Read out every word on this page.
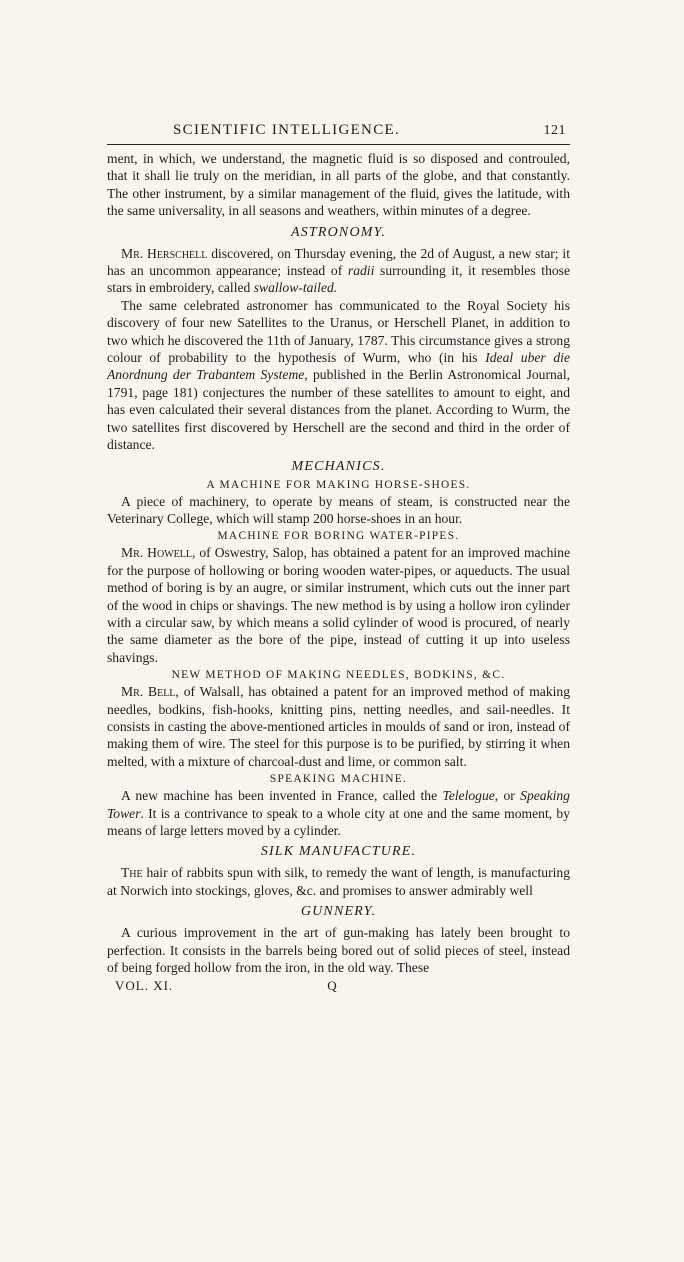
SCIENTIFIC INTELLIGENCE.	121

ment, in which, we understand, the magnetic fluid is so disposed and controuled, that it shall lie truly on the meridian, in all parts of the globe, and that constantly. The other instrument, by a similar management of the fluid, gives the latitude, with the same universality, in all seasons and weathers, within minutes of a degree.

ASTRONOMY.

Mr. Herschell discovered, on Thursday evening, the 2d of August, a new star; it has an uncommon appearance; instead of radii surrounding it, it resembles those stars in embroidery, called swallow-tailed.

The same celebrated astronomer has communicated to the Royal Society his discovery of four new Satellites to the Uranus, or Herschell Planet, in addition to two which he discovered the 11th of January, 1787. This circumstance gives a strong colour of probability to the hypothesis of Wurm, who (in his Ideal uber die Anordnung der Trabantem Systeme, published in the Berlin Astronomical Journal, 1791, page 181) conjectures the number of these satellites to amount to eight, and has even calculated their several distances from the planet. According to Wurm, the two satellites first discovered by Herschell are the second and third in the order of distance.

MECHANICS.
A MACHINE FOR MAKING HORSE-SHOES.

A piece of machinery, to operate by means of steam, is constructed near the Veterinary College, which will stamp 200 horse-shoes in an hour.

MACHINE FOR BORING WATER-PIPES.

Mr. Howell, of Oswestry, Salop, has obtained a patent for an improved machine for the purpose of hollowing or boring wooden water-pipes, or aqueducts. The usual method of boring is by an augre, or similar instrument, which cuts out the inner part of the wood in chips or shavings. The new method is by using a hollow iron cylinder with a circular saw, by which means a solid cylinder of wood is procured, of nearly the same diameter as the bore of the pipe, instead of cutting it up into useless shavings.

NEW METHOD OF MAKING NEEDLES, BODKINS, &C.

Mr. Bell, of Walsall, has obtained a patent for an improved method of making needles, bodkins, fish-hooks, knitting pins, netting needles, and sail-needles. It consists in casting the above-mentioned articles in moulds of sand or iron, instead of making them of wire. The steel for this purpose is to be purified, by stirring it when melted, with a mixture of charcoal-dust and lime, or common salt.

SPEAKING MACHINE.

A new machine has been invented in France, called the Telelogue, or Speaking Tower. It is a contrivance to speak to a whole city at one and the same moment, by means of large letters moved by a cylinder.

SILK MANUFACTURE.

The hair of rabbits spun with silk, to remedy the want of length, is manufacturing at Norwich into stockings, gloves, &c. and promises to answer admirably well

GUNNERY.

A curious improvement in the art of gun-making has lately been brought to perfection. It consists in the barrels being bored out of solid pieces of steel, instead of being forged hollow from the iron, in the old way. These

VOL. XI.	Q
